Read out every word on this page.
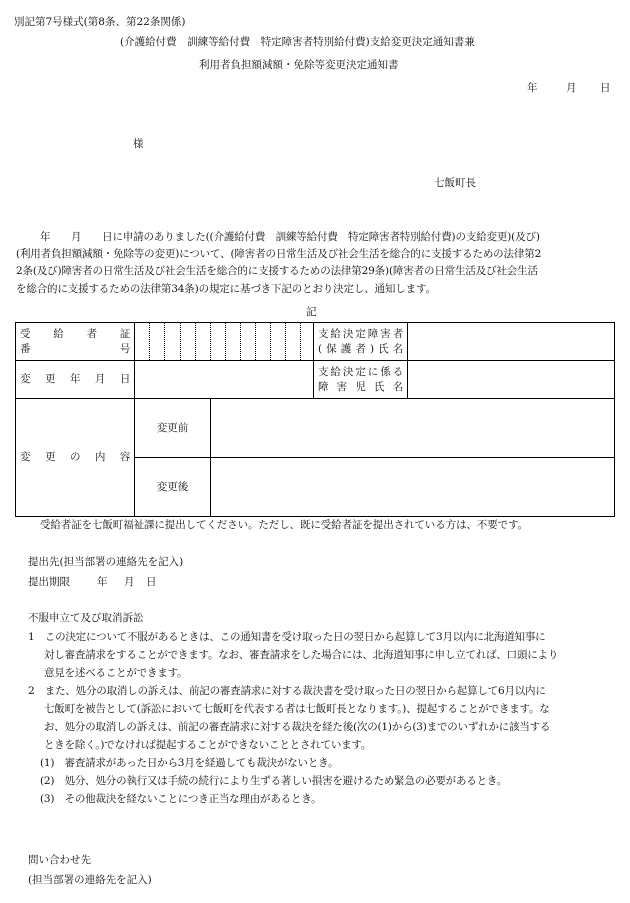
別記第7号様式(第8条、第22条関係)
(介護給付費　訓練等給付費　特定障害者特別給付費)支給変更決定通知書兼
利用者負担額減額・免除等変更決定通知書
年	月 日
様
七飯町長
年　　月　　日に申請のありました((介護給付費　訓練等給付費　特定障害者特別給付費)の支給変更)(及び)
(利用者負担額減額・免除等の変更)について、(障害者の日常生活及び社会生活を総合的に支援するための法律第2
2条(及び)障害者の日常生活及び社会生活を総合的に支援するための法律第29条)(障害者の日常生活及び社会生活
を総合的に支援するための法律第34条)の規定に基づき下記のとおり決定し、通知します。
記
受給者証
番号													支給決定障害者
(保護者)氏名	

変更年月日													支給決定に係る
障害児氏名	

変更の内容	変更前													
	変更後													
受給者証を七飯町福祉課に提出してください。ただし、既に受給者証を提出されている方は、不要です。
提出先(担当部署の連絡先を記入)
提出期限	年 月 日
不服申立て及び取消訴訟
1　この決定について不服があるときは、この通知書を受け取った日の翌日から起算して3月以内に北海道知事に
対し審査請求をすることができます。なお、審査請求をした場合には、北海道知事に申し立てれば、口頭により
意見を述べることができます。
2　また、処分の取消しの訴えは、前記の審査請求に対する裁決書を受け取った日の翌日から起算して6月以内に
七飯町を被告として(訴訟において七飯町を代表する者は七飯町長となります。)、提起することができます。な
お、処分の取消しの訴えは、前記の審査請求に対する裁決を経た後(次の(1)から(3)までのいずれかに該当する
ときを除く。)でなければ提起することができないこととされています。
(1)　審査請求があった日から3月を経過しても裁決がないとき。
(2)　処分、処分の執行又は手続の続行により生ずる著しい損害を避けるため緊急の必要があるとき。
(3)　その他裁決を経ないことにつき正当な理由があるとき。
問い合わせ先
(担当部署の連絡先を記入)
